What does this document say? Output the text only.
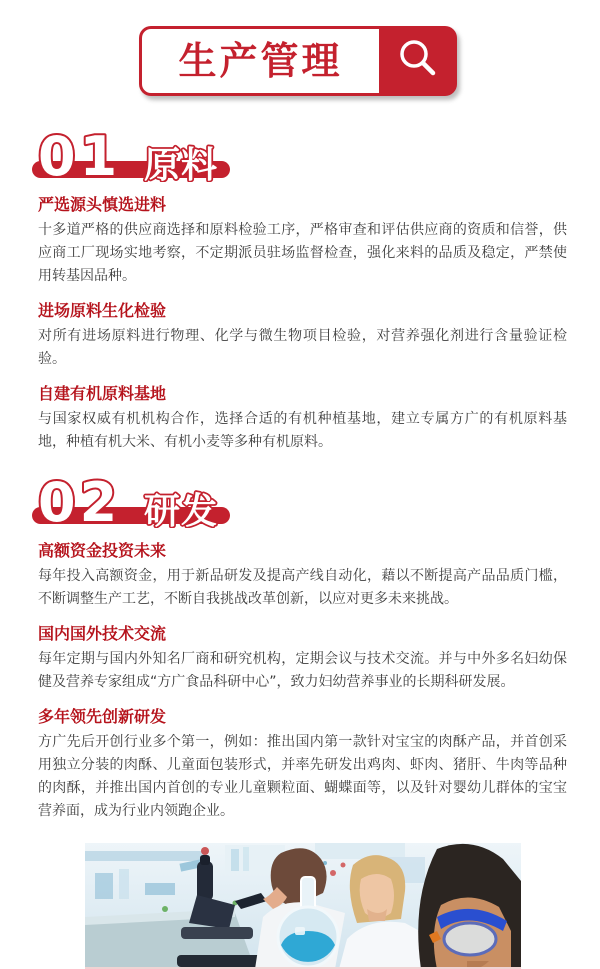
生产管理
01 原料
严选源头慎选进料

十多道严格的供应商选择和原料检验工序，严格审查和评估供应商的资质和信誉，供应商工厂现场实地考察，不定期派员驻场监督检查，强化来料的品质及稳定，严禁使用转基因品种。

进场原料生化检验

对所有进场原料进行物理、化学与微生物项目检验，对营养强化剂进行含量验证检验。

自建有机原料基地

与国家权威有机机构合作，选择合适的有机种植基地，建立专属方广的有机原料基地，种植有机大米、有机小麦等多种有机原料。

02 研发
高额资金投资未来

每年投入高额资金，用于新品研发及提高产线自动化，藉以不断提高产品品质门槛，不断调整生产工艺，不断自我挑战改革创新，以应对更多未来挑战。

国内国外技术交流

每年定期与国内外知名厂商和研究机构，定期会议与技术交流。并与中外多名妇幼保健及营养专家组成“方广食品科研中心”，致力妇幼营养事业的长期科研发展。

多年领先创新研发

方广先后开创行业多个第一，例如：推出国内第一款针对宝宝的肉酥产品，并首创采用独立分装的肉酥、儿童面包装形式，并率先研发出鸡肉、虾肉、猪肝、牛肉等品种的肉酥，并推出国内首创的专业儿童颗粒面、蝴蝶面等，以及针对婴幼儿群体的宝宝营养面，成为行业内领跑企业。
